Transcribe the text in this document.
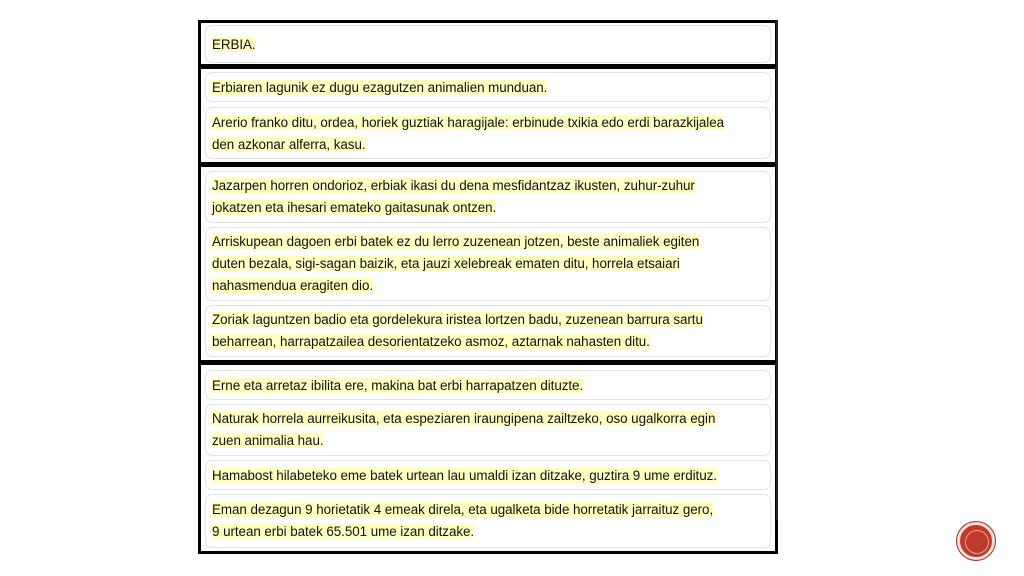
ERBIA.
Erbiaren lagunik ez dugu ezagutzen animalien munduan.
Arerio franko ditu, ordea, horiek guztiak haragijale: erbinude txikia edo erdi barazkijalea
den azkonar alferra, kasu.
Jazarpen horren ondorioz, erbiak ikasi du dena mesfidantzaz ikusten, zuhur-zuhur
jokatzen eta ihesari emateko gaitasunak ontzen.
Arriskupean dagoen erbi batek ez du lerro zuzenean jotzen, beste animaliek egiten
duten bezala, sigi-sagan baizik, eta jauzi xelebreak ematen ditu, horrela etsaiari
nahasmendua eragiten dio.
Zoriak laguntzen badio eta gordelekura iristea lortzen badu, zuzenean barrura sartu
beharrean, harrapatzailea desorientatzeko asmoz, aztarnak nahasten ditu.
Erne eta arretaz ibilita ere, makina bat erbi harrapatzen dituzte.
Naturak horrela aurreikusita, eta espeziaren iraungipena zailtzeko, oso ugalkorra egin
zuen animalia hau.
Hamabost hilabeteko eme batek urtean lau umaldi izan ditzake, guztira 9 ume erdituz.
Eman dezagun 9 horietatik 4 emeak direla, eta ugalketa bide horretatik jarraituz gero,
9 urtean erbi batek 65.501 ume izan ditzake.
